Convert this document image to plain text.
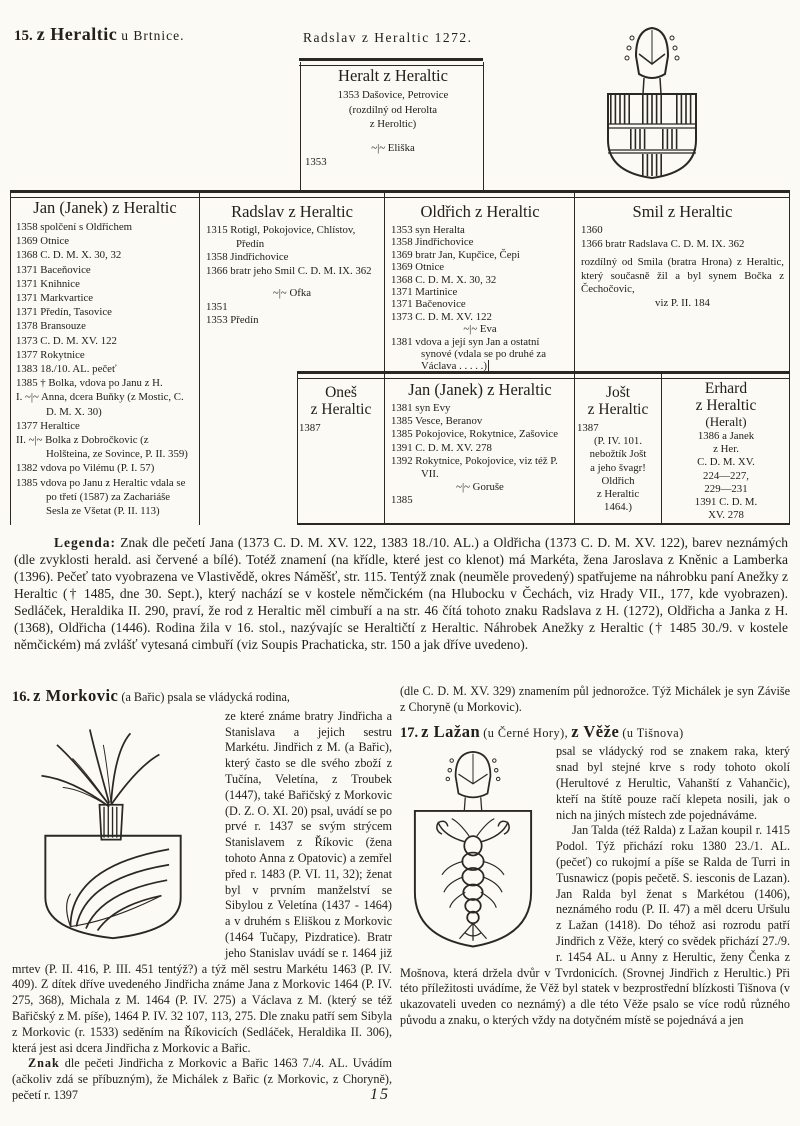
15. z Heraltic u Brtnice.	Radslav z Heraltic 1272.
Heralt z Heraltic
1353 Dašovice, Petrovice
(rozdílný od Herolta
z Heroltic)
~|~ Eliška
1353
Jan (Janek) z Heraltic
1358 spolčení s Oldřichem
1369 Otnice
1368 C. D. M. X. 30, 32
1371 Baceňovice
1371 Knihnice
1371 Markvartice
1371 Předín, Tasovice
1378 Bransouze
1373 C. D. M. XV. 122
1377 Rokytnice
1383 18./10. AL. pečeť
1385 † Bolka, vdova po Janu z H.
I. ~|~ Anna, dcera Buňky (z Mostic, C. D. M. X. 30)
1377 Heraltice
II. ~|~ Bolka z Dobročkovic (z Holšteina, ze Sovince, P. II. 359)
1382 vdova po Vilému (P. I. 57)
1385 vdova po Janu z Heraltic vdala se po třetí (1587) za Zachariáše Sesla ze Všetat (P. II. 113)
Radslav z Heraltic
1315 Rotigl, Pokojovice, Chlístov, Předín
1358 Jindřichovice
1366 bratr jeho Smil C. D. M. IX. 362
~|~ Ofka
1351
1353 Předín
Oldřich z Heraltic
1353 syn Heralta
1358 Jindřichovice
1369 bratr Jan, Kupčice, Čepi
1369 Otnice
1368 C. D. M. X. 30, 32
1371 Martinice
1371 Bačenovice
1373 C. D. M. XV. 122
~|~ Eva
1381 vdova a její syn Jan a ostatní synové (vdala se po druhé za Václava . . . . .)
Smil z Heraltic
1360
1366 bratr Radslava C. D. M. IX. 362
rozdílný od Smila (bratra Hrona) z Heraltic, který současně žil a byl synem Bočka z Čechočovic,
viz P. II. 184
Oneš
z Heraltic
1387
Jan (Janek) z Heraltic
1381 syn Evy
1385 Vesce, Beranov
1385 Pokojovice, Rokytnice, Zašovice
1391 C. D. M. XV. 278
1392 Rokytnice, Pokojovice, viz též P. VII.
~|~ Goruše
1385
Jošt
z Heraltic
1387
(P. IV. 101.
nebožtík Jošt
a jeho švagr!
Oldřich
z Heraltic
1464.)
Erhard
z Heraltic
(Heralt)
1386 a Janek
z Her.
C. D. M. XV.
224—227,
229—231
1391 C. D. M.
XV. 278
Legenda: Znak dle pečetí Jana (1373 C. D. M. XV. 122, 1383 18./10. AL.) a Oldřicha (1373 C. D. M. XV. 122), barev neznámých (dle zvyklosti herald. asi červené a bílé). Totéž znamení (na křídle, které jest co klenot) má Markéta, žena Jaroslava z Kněnic a Lamberka (1396). Pečeť tato vyobrazena ve Vlastivědě, okres Náměšť, str. 115. Tentýž znak (neuměle provedený) spatřujeme na náhrobku paní Anežky z Heraltic († 1485, dne 30. Sept.), který nachází se v kostele němčickém (na Hlubocku v Čechách, viz Hrady VII., 177, kde vyobrazen). Sedláček, Heraldika II. 290, praví, že rod z Heraltic měl cimbuří a na str. 46 čítá tohoto znaku Radslava z H. (1272), Oldřicha a Janka z H. (1368), Oldřicha (1446). Rodina žila v 16. stol., nazývajíc se Heraltičtí z Heraltic. Náhrobek Anežky z Heraltic († 1485 30./9. v kostele němčickém) má zvlášť vytesaná cimbuří (viz Soupis Prachaticka, str. 150 a jak dříve uvedeno).
16. z Morkovic (a Bařic) psala se vládycká rodina,

ze které známe bratry Jindřicha a Stanislava a jejich sestru Markétu. Jindřich z M. (a Bařic), který často se dle svého zboží z Tučína, Veletína, z Troubek (1447), také Bařičský z Morkovic (D. Z. O. XI. 20) psal, uvádí se po prvé r. 1437 se svým strýcem Stanislavem z Říkovic (žena tohoto Anna z Opatovic) a zemřel před r. 1483 (P. VI. 11, 32); ženat byl v prvním manželství se Sibylou z Veletína (1437 - 1464) a v druhém s Eliškou z Morkovic (1464 Tučapy, Pizdratice). Bratr jeho Stanislav uvádí se r. 1464 již mrtev (P. II. 416, P. III. 451 tentýž?) a týž měl sestru Markétu 1463 (P. IV. 409). Z dítek dříve uvedeného Jindřicha známe Jana z Morkovic 1464 (P. IV. 275, 368), Michala z M. 1464 (P. IV. 275) a Václava z M. (který se též Bařičský z M. píše), 1464 P. IV. 32 107, 113, 275. Dle znaku patří sem Sibyla z Morkovic (r. 1533) seděním na Říkovicích (Sedláček, Heraldika II. 306), která jest asi dcera Jindřicha z Morkovic a Bařic.

Znak dle pečeti Jindřicha z Morkovic a Bařic 1463 7./4. AL. Uvádím (ačkoliv zdá se příbuzným), že Michálek z Bařic (z Morkovic, z Choryně), pečetí r. 1397

(dle C. D. M. XV. 329) znamením půl jednorožce. Týž Michálek je syn Záviše z Choryně (u Morkovic).

17. z Lažan (u Černé Hory), z Věže (u Tišnova)

psal se vládycký rod se znakem raka, který snad byl stejné krve s rody tohoto okolí (Herultové z Herultic, Vahanští z Vahančic), kteří na štítě pouze račí klepeta nosili, jak o nich na jiných místech zde pojednáváme.

Jan Talda (též Ralda) z Lažan koupil r. 1415 Podol. Týž přichází roku 1380 23./1. AL. (pečeť) co rukojmí a píše se Ralda de Turri in Tusnawicz (popis pečetě. S. iesconis de Lazan). Jan Ralda byl ženat s Markétou (1406), neznámého rodu (P. II. 47) a měl dceru Uršulu z Lažan (1418). Do téhož asi rozrodu patří Jindřich z Věže, který co svědek přichází 27./9. r. 1454 AL. u Anny z Herultic, ženy Čenka z Mošnova, která držela dvůr v Tvrdonicích. (Srovnej Jindřich z Herultic.) Při této příležitosti uvádíme, že Věž byl statek v bezprostřední blízkosti Tišnova (v ukazovateli uveden co neznámý) a dle této Věže psalo se více rodů různého původu a znaku, o kterých vždy na dotyčném místě se pojednává a jen

15
